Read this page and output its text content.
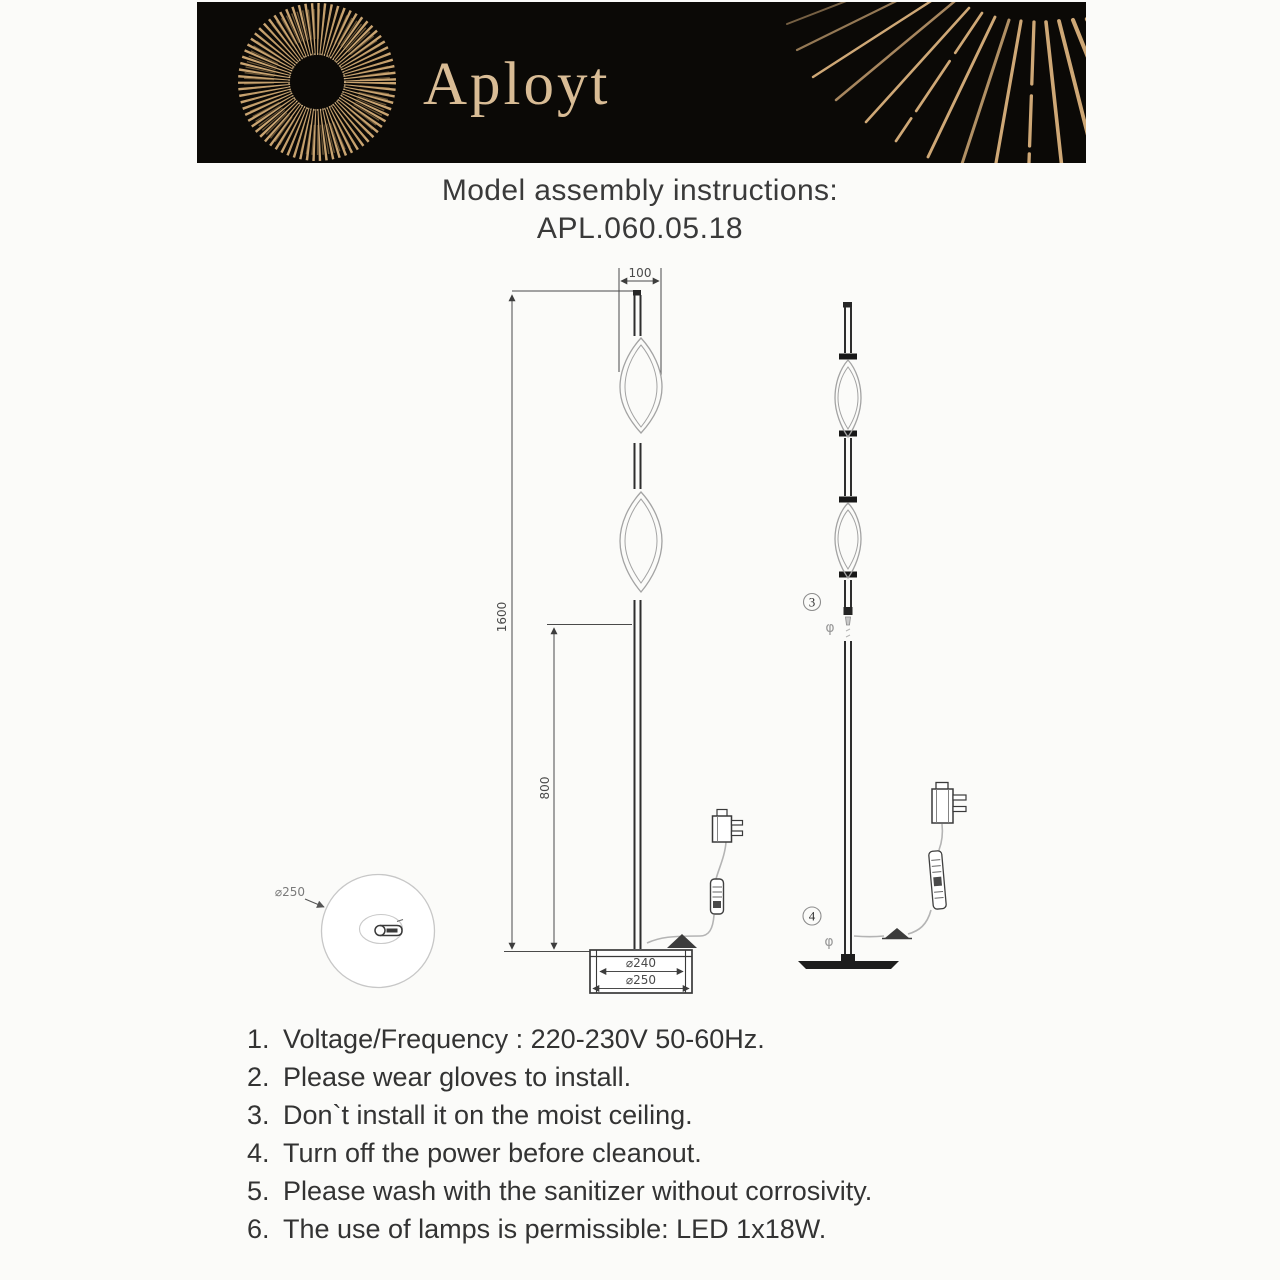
Aployt
Model assembly instructions:
APL.060.05.18
100
1600
800
⌀240
⌀250
3
φ
4
φ
⌀250
1. Voltage/Frequency : 220-230V 50-60Hz.
2. Please wear gloves to install.
3. Don`t install it on the moist ceiling.
4. Turn off the power before cleanout.
5. Please wash with the sanitizer without corrosivity.
6. The use of lamps is permissible: LED 1x18W.
